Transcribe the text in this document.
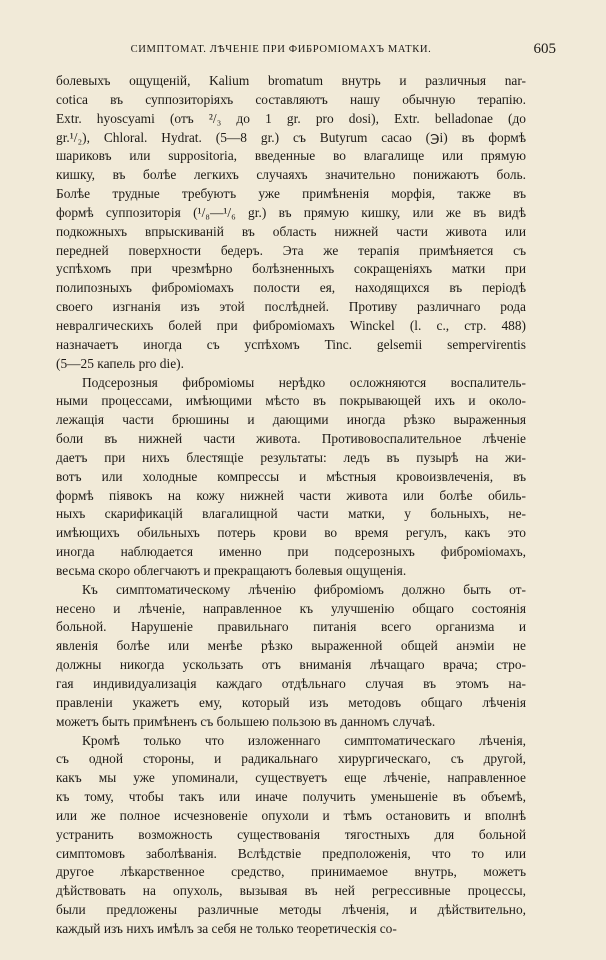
СИМПТОМАТ. ЛѢЧЕНІЕ ПРИ ФИБРОМІОМАХЪ МАТКИ.	605

болевыхъ ощущеній, Kalium bromatum внутрь и различныя nar-
cotica въ суппозиторіяхъ составляютъ нашу обычную терапію.
Extr. hyoscyami (отъ ²/₃ до 1 gr. pro dosi), Extr. belladonae (до
gr.¹/₂), Chloral. Hydrat. (5—8 gr.) съ Butyrum cacao (℈i) въ формѣ
шариковъ или suppositoria, введенные во влагалище или прямую
кишку, въ болѣе легкихъ случаяхъ значительно понижаютъ боль.
Болѣе трудные требуютъ уже примѣненія морфія, также въ
формѣ суппозиторія (¹/₈—¹/₆ gr.) въ прямую кишку, или же въ видѣ
подкожныхъ впрыскиваній въ область нижней части живота или
передней поверхности бедеръ. Эта же терапія примѣняется съ
успѣхомъ при чрезмѣрно болѣзненныхъ сокращеніяхъ матки при
полипозныхъ фибромiомахъ полости ея, находящихся въ періодѣ
своего изгнанія изъ этой послѣдней. Противу различнаго рода
невралгическихъ болей при фибромiомахъ Winckel (l. c., стр. 488)
назначаетъ иногда съ успѣхомъ Tinc. gelsemii sempervirentis
(5—25 капель pro die).

Подсерозныя фибромiомы нерѣдко осложняются воспалитель-
ными процессами, имѣющими мѣсто въ покрывающей ихъ и около-
лежащія части брюшины и дающими иногда рѣзко выраженныя
боли въ нижней части живота. Противовоспалительное лѣченіе
даетъ при нихъ блестящіе результаты: ледъ въ пузырѣ на жи-
вотъ или холодные компрессы и мѣстныя кровоизвлеченія, въ
формѣ піявокъ на кожу нижней части живота или болѣе обиль-
ныхъ скарификацій влагалищной части матки, у больныхъ, не-
имѣющихъ обильныхъ потерь крови во время регулъ, какъ это
иногда наблюдается именно при подсерозныхъ фибромiомахъ,
весьма скоро облегчаютъ и прекращаютъ болевыя ощущенія.

Къ симптоматическому лѣченію фибромiомъ должно быть от-
несено и лѣченіе, направленное къ улучшенію общаго состоянія
больной. Нарушеніе правильнаго питанія всего организма и
явленія болѣе или менѣе рѣзко выраженной общей анэміи не
должны никогда ускользать отъ вниманія лѣчащаго врача; стро-
гая индивидуализація каждаго отдѣльнаго случая въ этомъ на-
правленіи укажетъ ему, который изъ методовъ общаго лѣченія
можетъ быть примѣненъ съ большею пользою въ данномъ случаѣ.

Кромѣ только что изложеннаго симптоматическаго лѣченія,
съ одной стороны, и радикальнаго хирургическаго, съ другой,
какъ мы уже упоминали, существуетъ еще лѣченіе, направленное
къ тому, чтобы такъ или иначе получить уменьшеніе въ объемѣ,
или же полное исчезновеніе опухоли и тѣмъ остановить и вполнѣ
устранить возможность существованія тягостныхъ для больной
симптомовъ заболѣванія. Вслѣдствіе предположенія, что то или
другое лѣкарственное средство, принимаемое внутрь, можетъ
дѣйствовать на опухоль, вызывая въ ней регрессивные процессы,
были предложены различные методы лѣченія, и дѣйствительно,
каждый изъ нихъ имѣлъ за себя не только теоретическія со-
